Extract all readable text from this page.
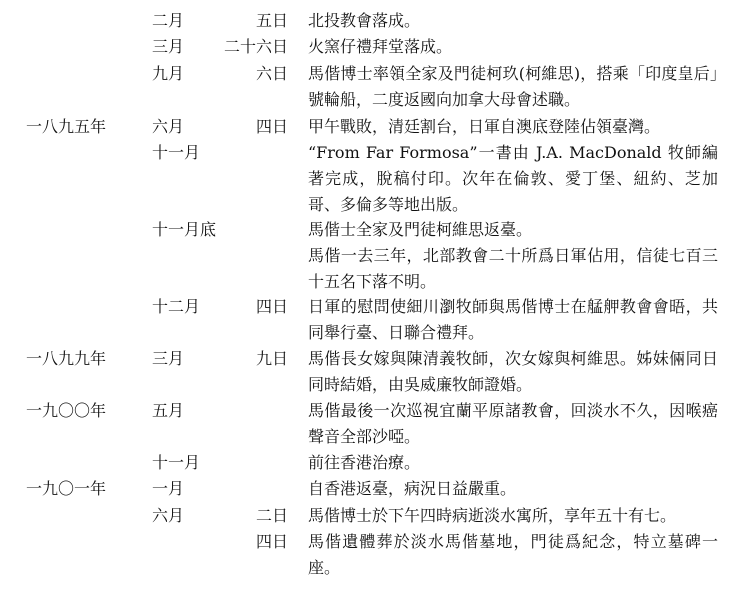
二月	五日 北投教會落成。
三月	二十六日 火窯仔禮拜堂落成。
九月	六日 馬偕博士率領全家及門徒柯玖(柯維思)，搭乘「印度皇后」號輪船，二度返國向加拿大母會述職。
一八九五年	六月	四日 甲午戰敗，清廷割台，日軍自澳底登陸佔領臺灣。
十一月	“From Far Formosa”一書由 J.A. MacDonald 牧師編著完成，脫稿付印。次年在倫敦、愛丁堡、紐約、芝加哥、多倫多等地出版。
十一月底	馬偕士全家及門徒柯維思返臺。
馬偕一去三年，北部教會二十所爲日軍佔用，信徒七百三十五名下落不明。
十二月	四日 日軍的慰問使細川瀏牧師與馬偕博士在艋舺教會會晤，共同舉行臺、日聯合禮拜。
一八九九年	三月	九日 馬偕長女嫁與陳清義牧師，次女嫁與柯維思。姊妹倆同日同時結婚，由吳威廉牧師證婚。
一九〇〇年	五月	馬偕最後一次巡視宜蘭平原諸教會，回淡水不久，因喉癌聲音全部沙啞。
十一月	前往香港治療。
一九〇一年	一月	自香港返臺，病況日益嚴重。
六月	二日 馬偕博士於下午四時病逝淡水寓所，享年五十有七。
四日 馬偕遺體葬於淡水馬偕墓地，門徒爲紀念，特立墓碑一座。
